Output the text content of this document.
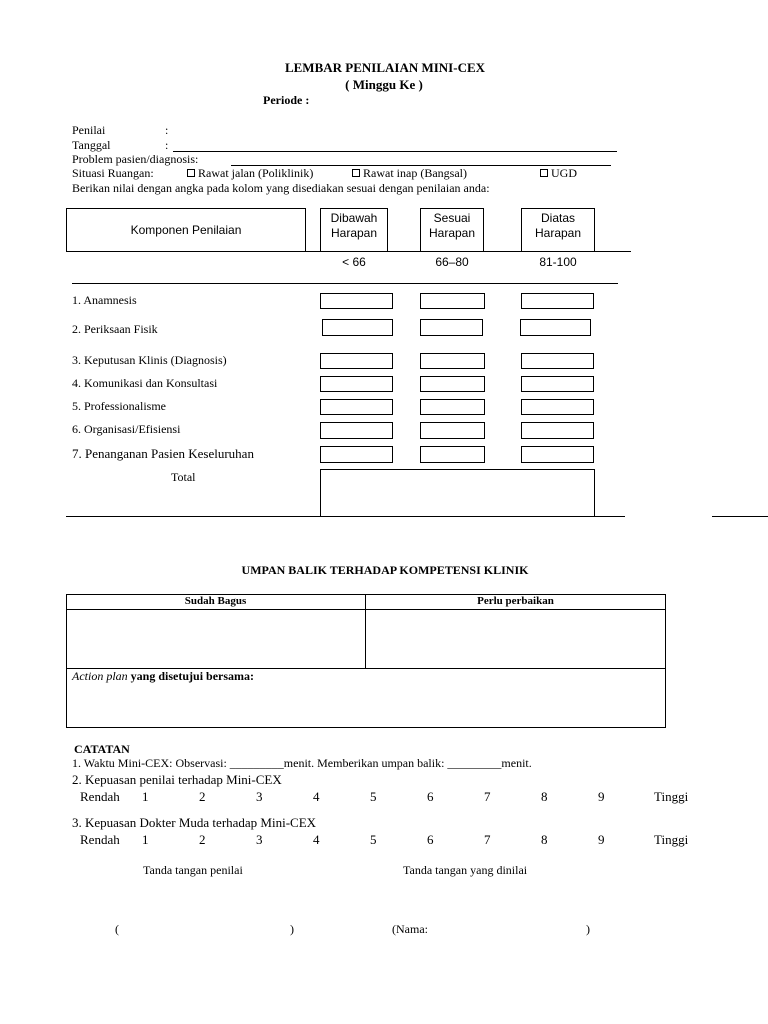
LEMBAR PENILAIAN MINI-CEX
( Minggu Ke )
Periode :
Penilai	:
Tanggal	:
Problem pasien/diagnosis:
Situasi Ruangan:	Rawat jalan (Poliklinik)	Rawat inap (Bangsal)	UGD
Berikan nilai dengan angka pada kolom yang disediakan sesuai dengan penilaian anda:
Komponen Penilaian
Dibawah
Harapan
Sesuai
Harapan
Diatas
Harapan
< 66	66–80	81-100
1. Anamnesis
2. Periksaan Fisik
3. Keputusan Klinis (Diagnosis)
4. Komunikasi dan Konsultasi
5. Professionalisme
6. Organisasi/Efisiensi
7. Penanganan Pasien Keseluruhan
Total
UMPAN BALIK TERHADAP KOMPETENSI KLINIK
Sudah Bagus	Perlu perbaikan
Action plan yang disetujui bersama:
CATATAN
1. Waktu Mini-CEX: Observasi: _________menit. Memberikan umpan balik: _________menit.
2. Kepuasan penilai terhadap Mini-CEX
Rendah 1	2	3	4	5	6	7	8	9	Tinggi
3. Kepuasan Dokter Muda terhadap Mini-CEX
Rendah 1	2	3	4	5	6	7	8	9	Tinggi
Tanda tangan penilai	Tanda tangan yang dinilai
(	)	(Nama:	)
